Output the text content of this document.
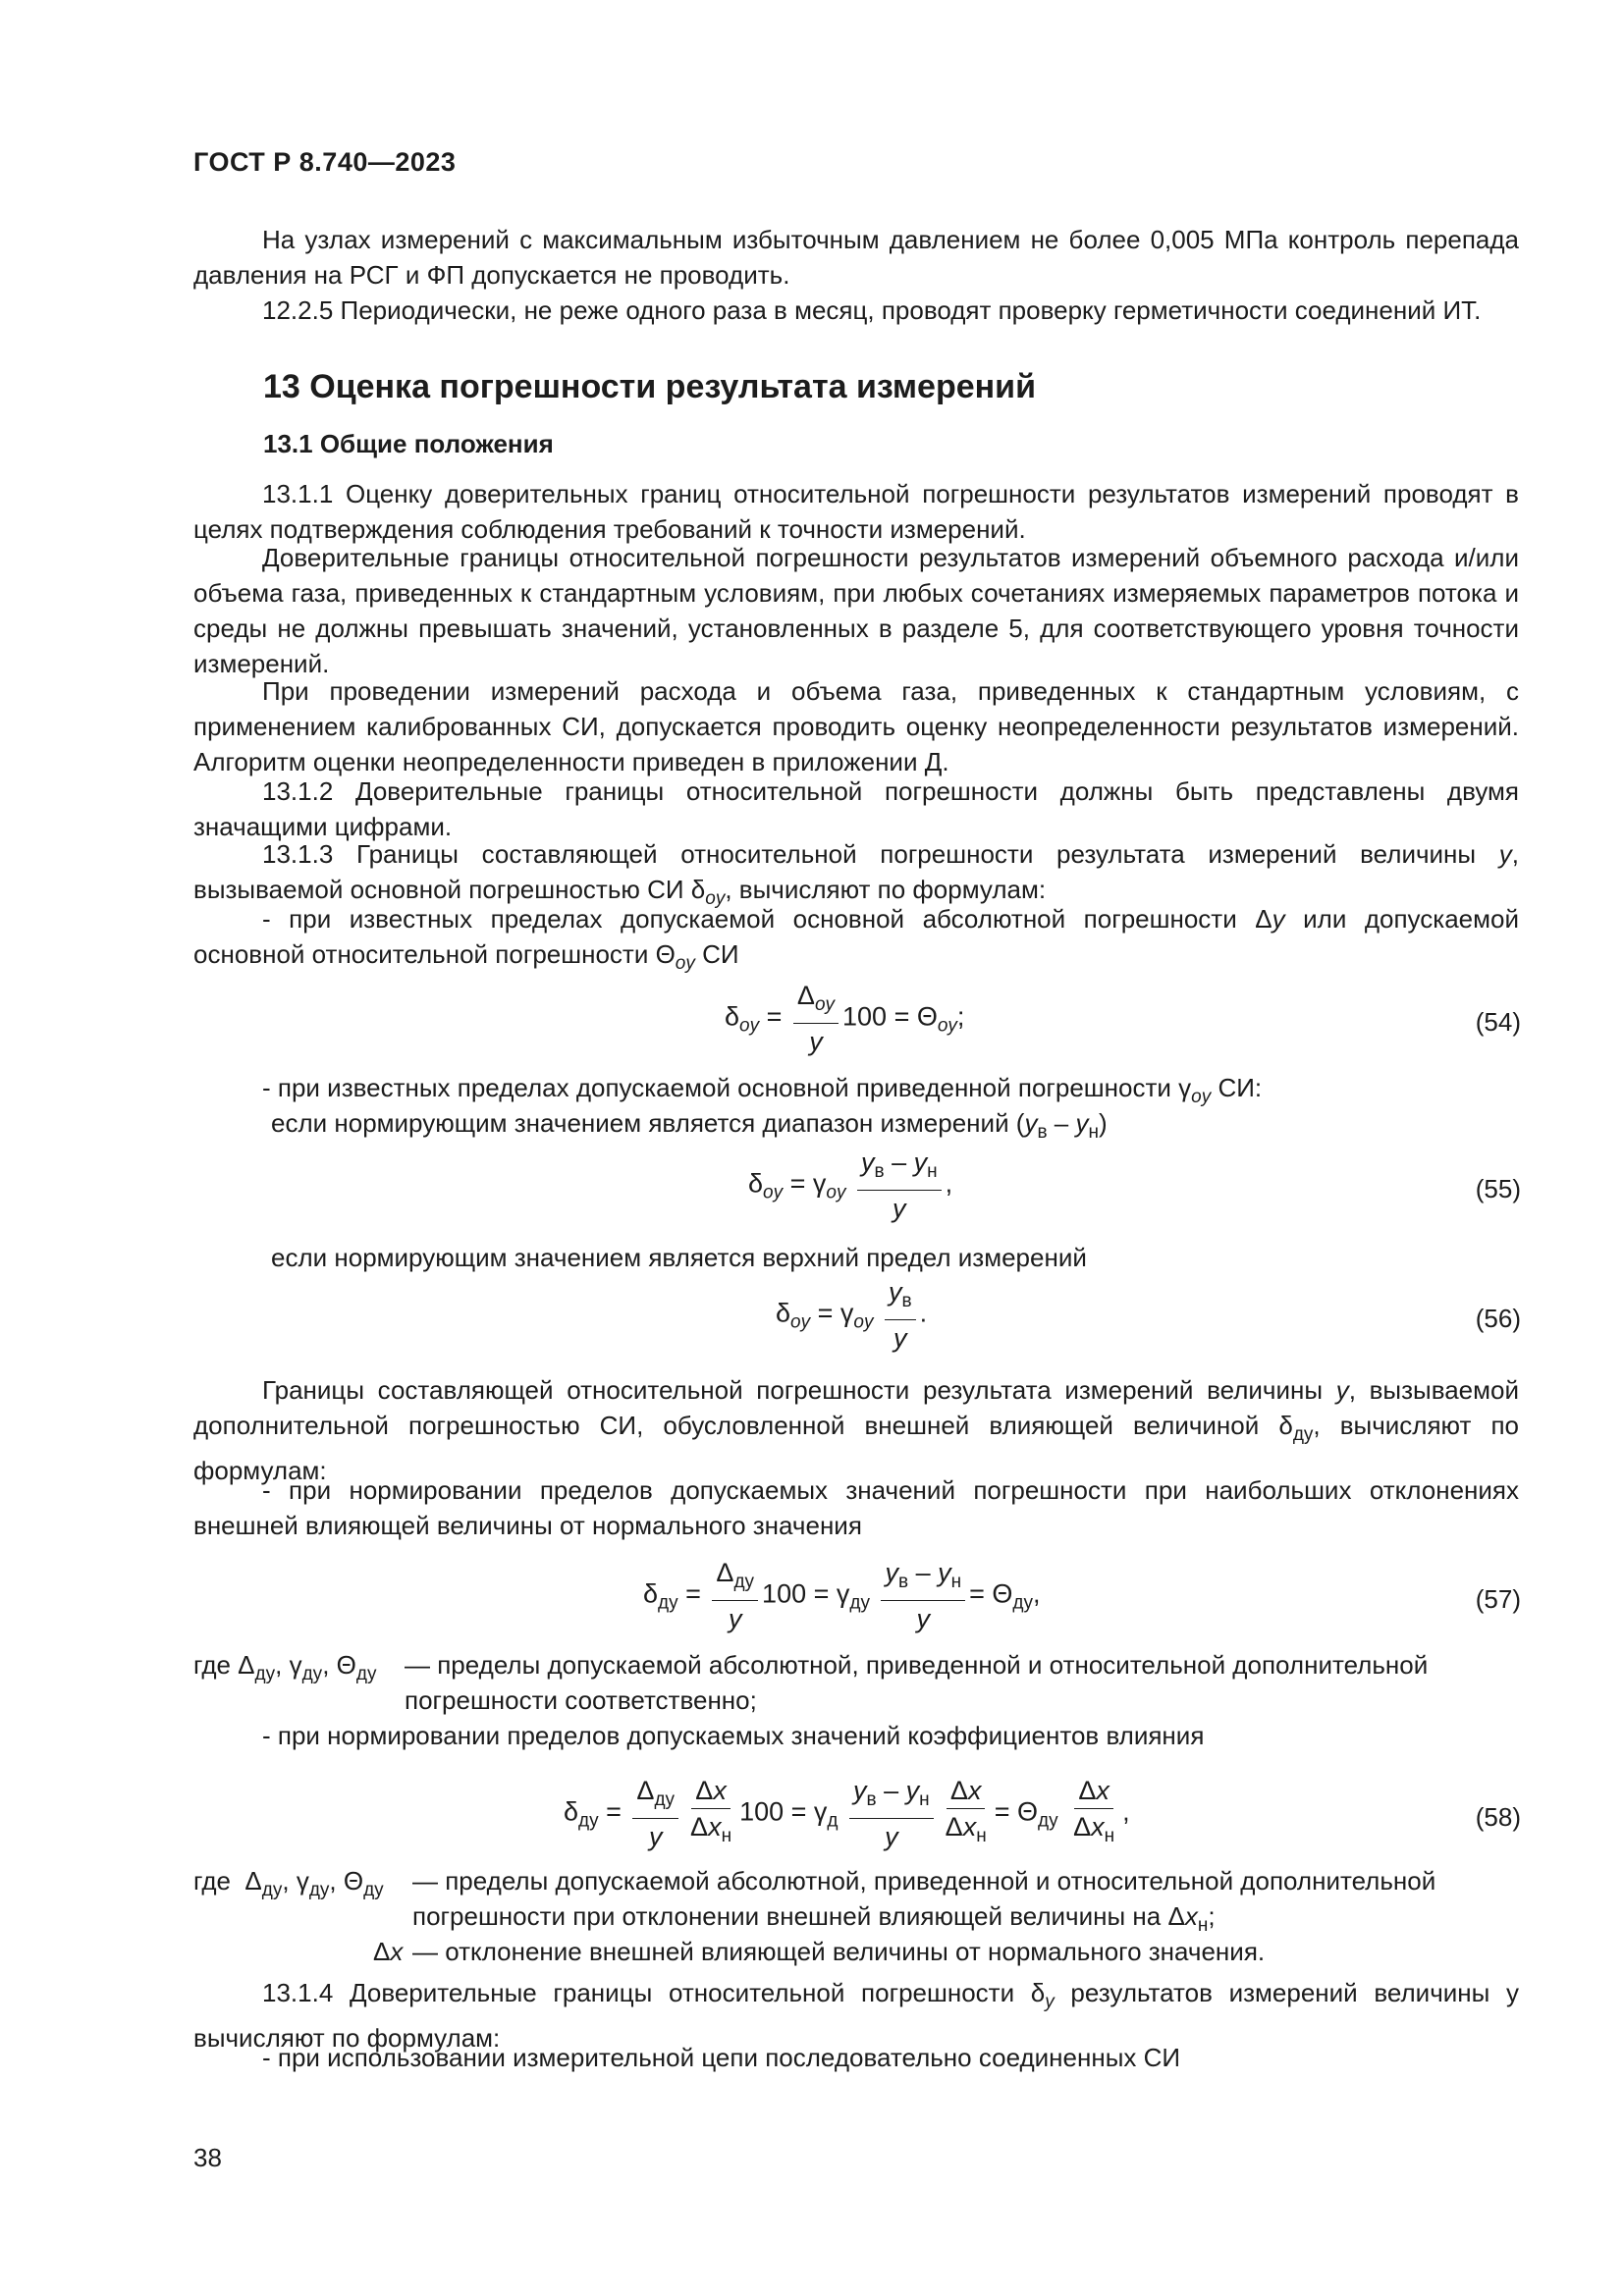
ГОСТ Р 8.740—2023

На узлах измерений с максимальным избыточным давлением не более 0,005 МПа контроль перепада давления на РСГ и ФП допускается не проводить.

12.2.5 Периодически, не реже одного раза в месяц, проводят проверку герметичности соединений ИТ.

13 Оценка погрешности результата измерений
13.1 Общие положения

13.1.1 Оценку доверительных границ относительной погрешности результатов измерений проводят в целях подтверждения соблюдения требований к точности измерений.

Доверительные границы относительной погрешности результатов измерений объемного расхода и/или объема газа, приведенных к стандартным условиям, при любых сочетаниях измеряемых параметров потока и среды не должны превышать значений, установленных в разделе 5, для соответствующего уровня точности измерений.

При проведении измерений расхода и объема газа, приведенных к стандартным условиям, с применением калиброванных СИ, допускается проводить оценку неопределенности результатов измерений. Алгоритм оценки неопределенности приведен в приложении Д.

13.1.2 Доверительные границы относительной погрешности должны быть представлены двумя значащими цифрами.

13.1.3 Границы составляющей относительной погрешности результата измерений величины y, вызываемой основной погрешностью СИ $\delta_{oy}$, вычисляют по формулам:

- при известных пределах допускаемой основной абсолютной погрешности Δy или допускаемой основной относительной погрешности $\Theta_{oy}$ СИ

$\delta_{oy} = \frac{\Delta_{oy}}{y} 100 = \Theta_{oy}$;	(54)

- при известных пределах допускаемой основной приведенной погрешности $\gamma_{oy}$ СИ:

если нормирующим значением является диапазон измерений $(y_в - y_н)$

$\delta_{oy} = \gamma_{oy} \frac{y_в - y_н}{y}$ ,	(55)

если нормирующим значением является верхний предел измерений

$\delta_{oy} = \gamma_{oy} \frac{y_в}{y}$ .	(56)

Границы составляющей относительной погрешности результата измерений величины y, вызываемой дополнительной погрешностью СИ, обусловленной внешней влияющей величиной $\delta_{ду}$, вычисляют по формулам:

- при нормировании пределов допускаемых значений погрешности при наибольших отклонениях внешней влияющей величины от нормального значения

$\delta_{ду} = \frac{\Delta_{ду}}{y} 100 = \gamma_{ду} \frac{y_в - y_н}{y} = \Theta_{ду}$,	(57)
где $\Delta_{ду}$, $\gamma_{ду}$, $\Theta_{ду}$ — пределы допускаемой абсолютной, приведенной и относительной дополнительной погрешности соответственно;

- при нормировании пределов допускаемых значений коэффициентов влияния

$\delta_{ду} = \frac{\Delta_{ду}}{y} \frac{\Delta x}{\Delta x_н} 100 = \gamma_д \frac{y_в - y_н}{y} \frac{\Delta x}{\Delta x_н} = \Theta_{ду} \frac{\Delta x}{\Delta x_н}$ ,	(58)
где  $\Delta_{ду}$, $\gamma_{ду}$, $\Theta_{ду}$ — пределы допускаемой абсолютной, приведенной и относительной дополнительной погрешности при отклонении внешней влияющей величины на $\Delta x_н$;
Δx — отклонение внешней влияющей величины от нормального значения.

13.1.4 Доверительные границы относительной погрешности $\delta_y$ результатов измерений величины у вычисляют по формулам:

- при использовании измерительной цепи последовательно соединенных СИ

38
